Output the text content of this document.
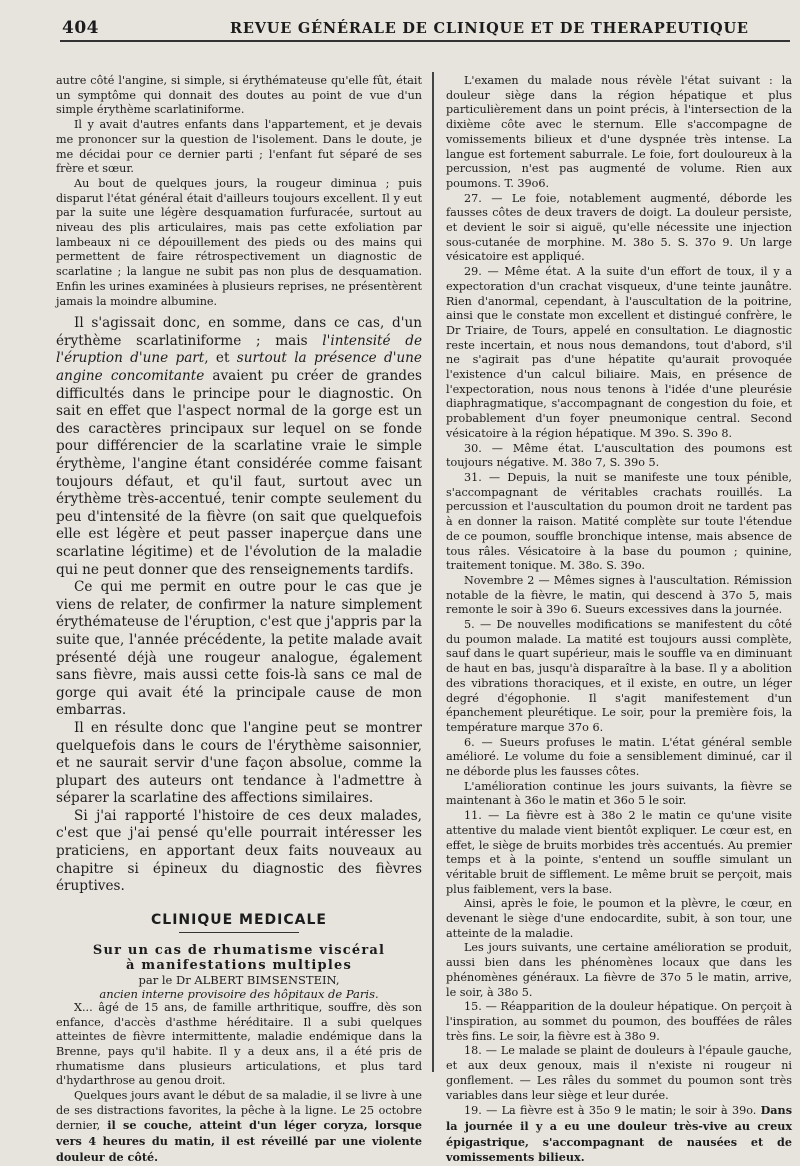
404	REVUE GÉNÉRALE DE CLINIQUE ET DE THERAPEUTIQUE

autre côté l'angine, si simple, si érythémateuse qu'elle fût, était un symptôme qui donnait des doutes au point de vue d'un simple érythème scarlatiniforme.

Il y avait d'autres enfants dans l'appartement, et je devais me prononcer sur la question de l'isolement. Dans le doute, je me décidai pour ce dernier parti ; l'enfant fut séparé de ses frère et sœur.

Au bout de quelques jours, la rougeur diminua ; puis disparut l'état général était d'ailleurs toujours excellent. Il y eut par la suite une légère desquamation furfuracée, surtout au niveau des plis articulaires, mais pas cette exfoliation par lambeaux ni ce dépouillement des pieds ou des mains qui permettent de faire rétrospectivement un diagnostic de scarlatine ; la langue ne subit pas non plus de desquamation. Enfin les urines examinées à plusieurs reprises, ne présentèrent jamais la moindre albumine.

Il s'agissait donc, en somme, dans ce cas, d'un érythème scarlatiniforme ; mais l'intensité de l'éruption d'une part, et surtout la présence d'une angine concomitante avaient pu créer de grandes difficultés dans le principe pour le diagnostic. On sait en effet que l'aspect normal de la gorge est un des caractères principaux sur lequel on se fonde pour différencier de la scarlatine vraie le simple érythème, l'angine étant considérée comme faisant toujours défaut, et qu'il faut, surtout avec un érythème très-accentué, tenir compte seulement du peu d'intensité de la fièvre (on sait que quelquefois elle est légère et peut passer inaperçue dans une scarlatine légitime) et de l'évolution de la maladie qui ne peut donner que des renseignements tardifs.

Ce qui me permit en outre pour le cas que je viens de relater, de confirmer la nature simplement érythémateuse de l'éruption, c'est que j'appris par la suite que, l'année précédente, la petite malade avait présenté déjà une rougeur analogue, également sans fièvre, mais aussi cette fois-là sans ce mal de gorge qui avait été la principale cause de mon embarras.

Il en résulte donc que l'angine peut se montrer quelquefois dans le cours de l'érythème saisonnier, et ne saurait servir d'une façon absolue, comme la plupart des auteurs ont tendance à l'admettre à séparer la scarlatine des affections similaires.

Si j'ai rapporté l'histoire de ces deux malades, c'est que j'ai pensé qu'elle pourrait intéresser les praticiens, en apportant deux faits nouveaux au chapitre si épineux du diagnostic des fièvres éruptives.

CLINIQUE MEDICALE

Sur un cas de rhumatisme viscéral

à manifestations multiples

par le Dr ALBERT BIMSENSTEIN,

ancien interne provisoire des hôpitaux de Paris.

X... âgé de 15 ans, de famille arthritique, souffre, dès son enfance, d'accès d'asthme héréditaire. Il a subi quelques atteintes de fièvre intermittente, maladie endémique dans la Brenne, pays qu'il habite. Il y a deux ans, il a été pris de rhumatisme dans plusieurs articulations, et plus tard d'hydarthrose au genou droit.

Quelques jours avant le début de sa maladie, il se livre à une de ses distractions favorites, la pêche à la ligne. Le 25 octobre dernier, il se couche, atteint d'un léger coryza, lorsque vers 4 heures du matin, il est réveillé par une violente douleur de côté.

L'examen du malade nous révèle l'état suivant : la douleur siège dans la région hépatique et plus particulièrement dans un point précis, à l'intersection de la dixième côte avec le sternum. Elle s'accompagne de vomissements bilieux et d'une dyspnée très intense. La langue est fortement saburrale. Le foie, fort douloureux à la percussion, n'est pas augmenté de volume. Rien aux poumons. T. 39o6.

27. — Le foie, notablement augmenté, déborde les fausses côtes de deux travers de doigt. La douleur persiste, et devient le soir si aiguë, qu'elle nécessite une injection sous-cutanée de morphine. M. 38o 5. S. 37o 9. Un large vésicatoire est appliqué.

29. — Même état. A la suite d'un effort de toux, il y a expectoration d'un crachat visqueux, d'une teinte jaunâtre. Rien d'anormal, cependant, à l'auscultation de la poitrine, ainsi que le constate mon excellent et distingué confrère, le Dr Triaire, de Tours, appelé en consultation. Le diagnostic reste incertain, et nous nous demandons, tout d'abord, s'il ne s'agirait pas d'une hépatite qu'aurait provoquée l'existence d'un calcul biliaire. Mais, en présence de l'expectoration, nous nous tenons à l'idée d'une pleurésie diaphragmatique, s'accompagnant de congestion du foie, et probablement d'un foyer pneumonique central. Second vésicatoire à la région hépatique. M 39o. S. 39o 8.

30. — Même état. L'auscultation des poumons est toujours négative. M. 38o 7, S. 39o 5.

31. — Depuis, la nuit se manifeste une toux pénible, s'accompagnant de véritables crachats rouillés. La percussion et l'auscultation du poumon droit ne tardent pas à en donner la raison. Matité complète sur toute l'étendue de ce poumon, souffle bronchique intense, mais absence de tous râles. Vésicatoire à la base du poumon ; quinine, traitement tonique. M. 38o. S. 39o.

Novembre 2 — Mêmes signes à l'auscultation. Rémission notable de la fièvre, le matin, qui descend à 37o 5, mais remonte le soir à 39o 6. Sueurs excessives dans la journée.

5. — De nouvelles modifications se manifestent du côté du poumon malade. La matité est toujours aussi complète, sauf dans le quart supérieur, mais le souffle va en diminuant de haut en bas, jusqu'à disparaître à la base. Il y a abolition des vibrations thoraciques, et il existe, en outre, un léger degré d'égophonie. Il s'agit manifestement d'un épanchement pleurétique. Le soir, pour la première fois, la température marque 37o 6.

6. — Sueurs profuses le matin. L'état général semble amélioré. Le volume du foie a sensiblement diminué, car il ne déborde plus les fausses côtes.

L'amélioration continue les jours suivants, la fièvre se maintenant à 36o le matin et 36o 5 le soir.

11. — La fièvre est à 38o 2 le matin ce qu'une visite attentive du malade vient bientôt expliquer. Le cœur est, en effet, le siège de bruits morbides très accentués. Au premier temps et à la pointe, s'entend un souffle simulant un véritable bruit de sifflement. Le même bruit se perçoit, mais plus faiblement, vers la base.

Ainsi, après le foie, le poumon et la plèvre, le cœur, en devenant le siège d'une endocardite, subit, à son tour, une atteinte de la maladie.

Les jours suivants, une certaine amélioration se produit, aussi bien dans les phénomènes locaux que dans les phénomènes généraux. La fièvre de 37o 5 le matin, arrive, le soir, à 38o 5.

15. — Réapparition de la douleur hépatique. On perçoit à l'inspiration, au sommet du poumon, des bouffées de râles très fins. Le soir, la fièvre est à 38o 9.

18. — Le malade se plaint de douleurs à l'épaule gauche, et aux deux genoux, mais il n'existe ni rougeur ni gonflement. — Les râles du sommet du poumon sont très variables dans leur siège et leur durée.

19. — La fièvre est à 35o 9 le matin; le soir à 39o. Dans la journée il y a eu une douleur très-vive au creux épigastrique, s'accompagnant de nausées et de vomissements bilieux.
